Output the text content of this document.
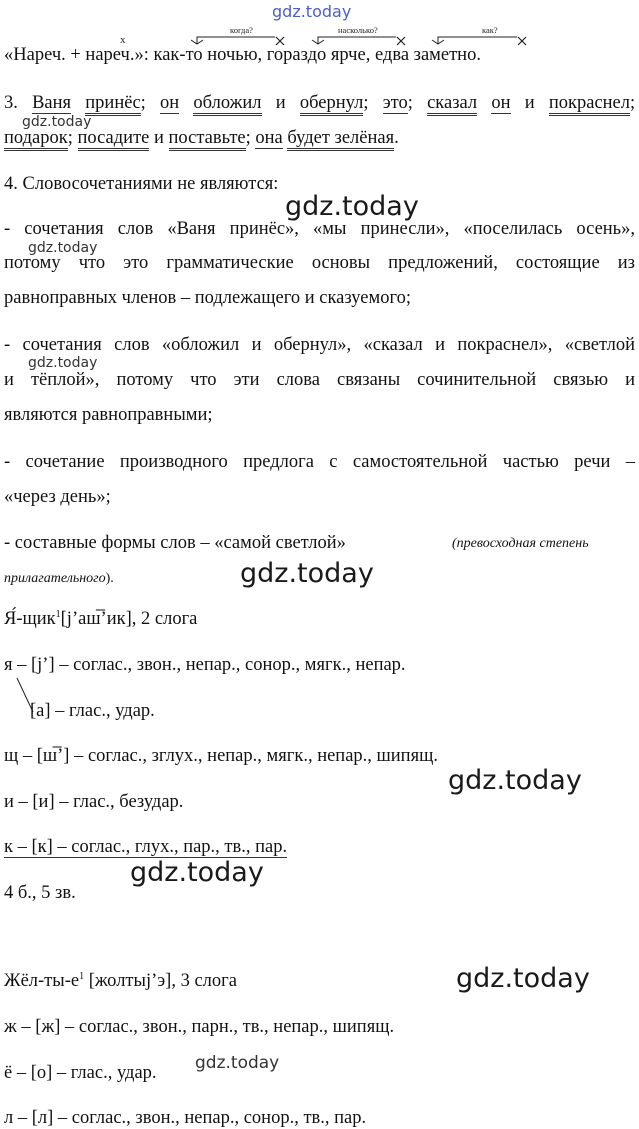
gdz.today
x
когда?	насколько?	как?
«Нареч. + нареч.»: как-то ночью, гораздо ярче, едва заметно.
3. Ваня принёс; он обложил и обернул; это; сказал он и покраснел;
gdz.today
подарок; посадите и поставьте; она будет зелёная.
4. Словосочетаниями не являются:
gdz.today
- сочетания слов «Ваня принёс», «мы принесли», «поселилась осень»,
gdz.today
потому что это грамматические основы предложений, состоящие из
равноправных членов – подлежащего и сказуемого;
- сочетания слов «обложил и обернул», «сказал и покраснел», «светлой
gdz.today
и тёплой», потому что эти слова связаны сочинительной связью и
являются равноправными;
- сочетание производного предлога с самостоятельной частью речи –
«через день»;
- составные формы слов – «самой светлой»	(превосходная степень
прилагательного).	gdz.today
Я́-щик$^1$[j’аш̅’ик], 2 слога
я – [j’] – соглас., звон., непар., сонор., мягк., непар.
[а] – глас., удар.
щ – [ш̅’] – соглас., зглух., непар., мягк., непар., шипящ.
gdz.today
и – [и] – глас., безудар.
к – [к] – соглас., глух., пар., тв., пар.
gdz.today
4 б., 5 зв.
gdz.today
Жёл-$ты-е^1$ [жолтыj’э], 3 слога
ж – [ж] – соглас., звон., парн., тв., непар., шипящ.
gdz.today
ё – [о] – глас., удар.
л – [л] – соглас., звон., непар., сонор., тв., пар.
